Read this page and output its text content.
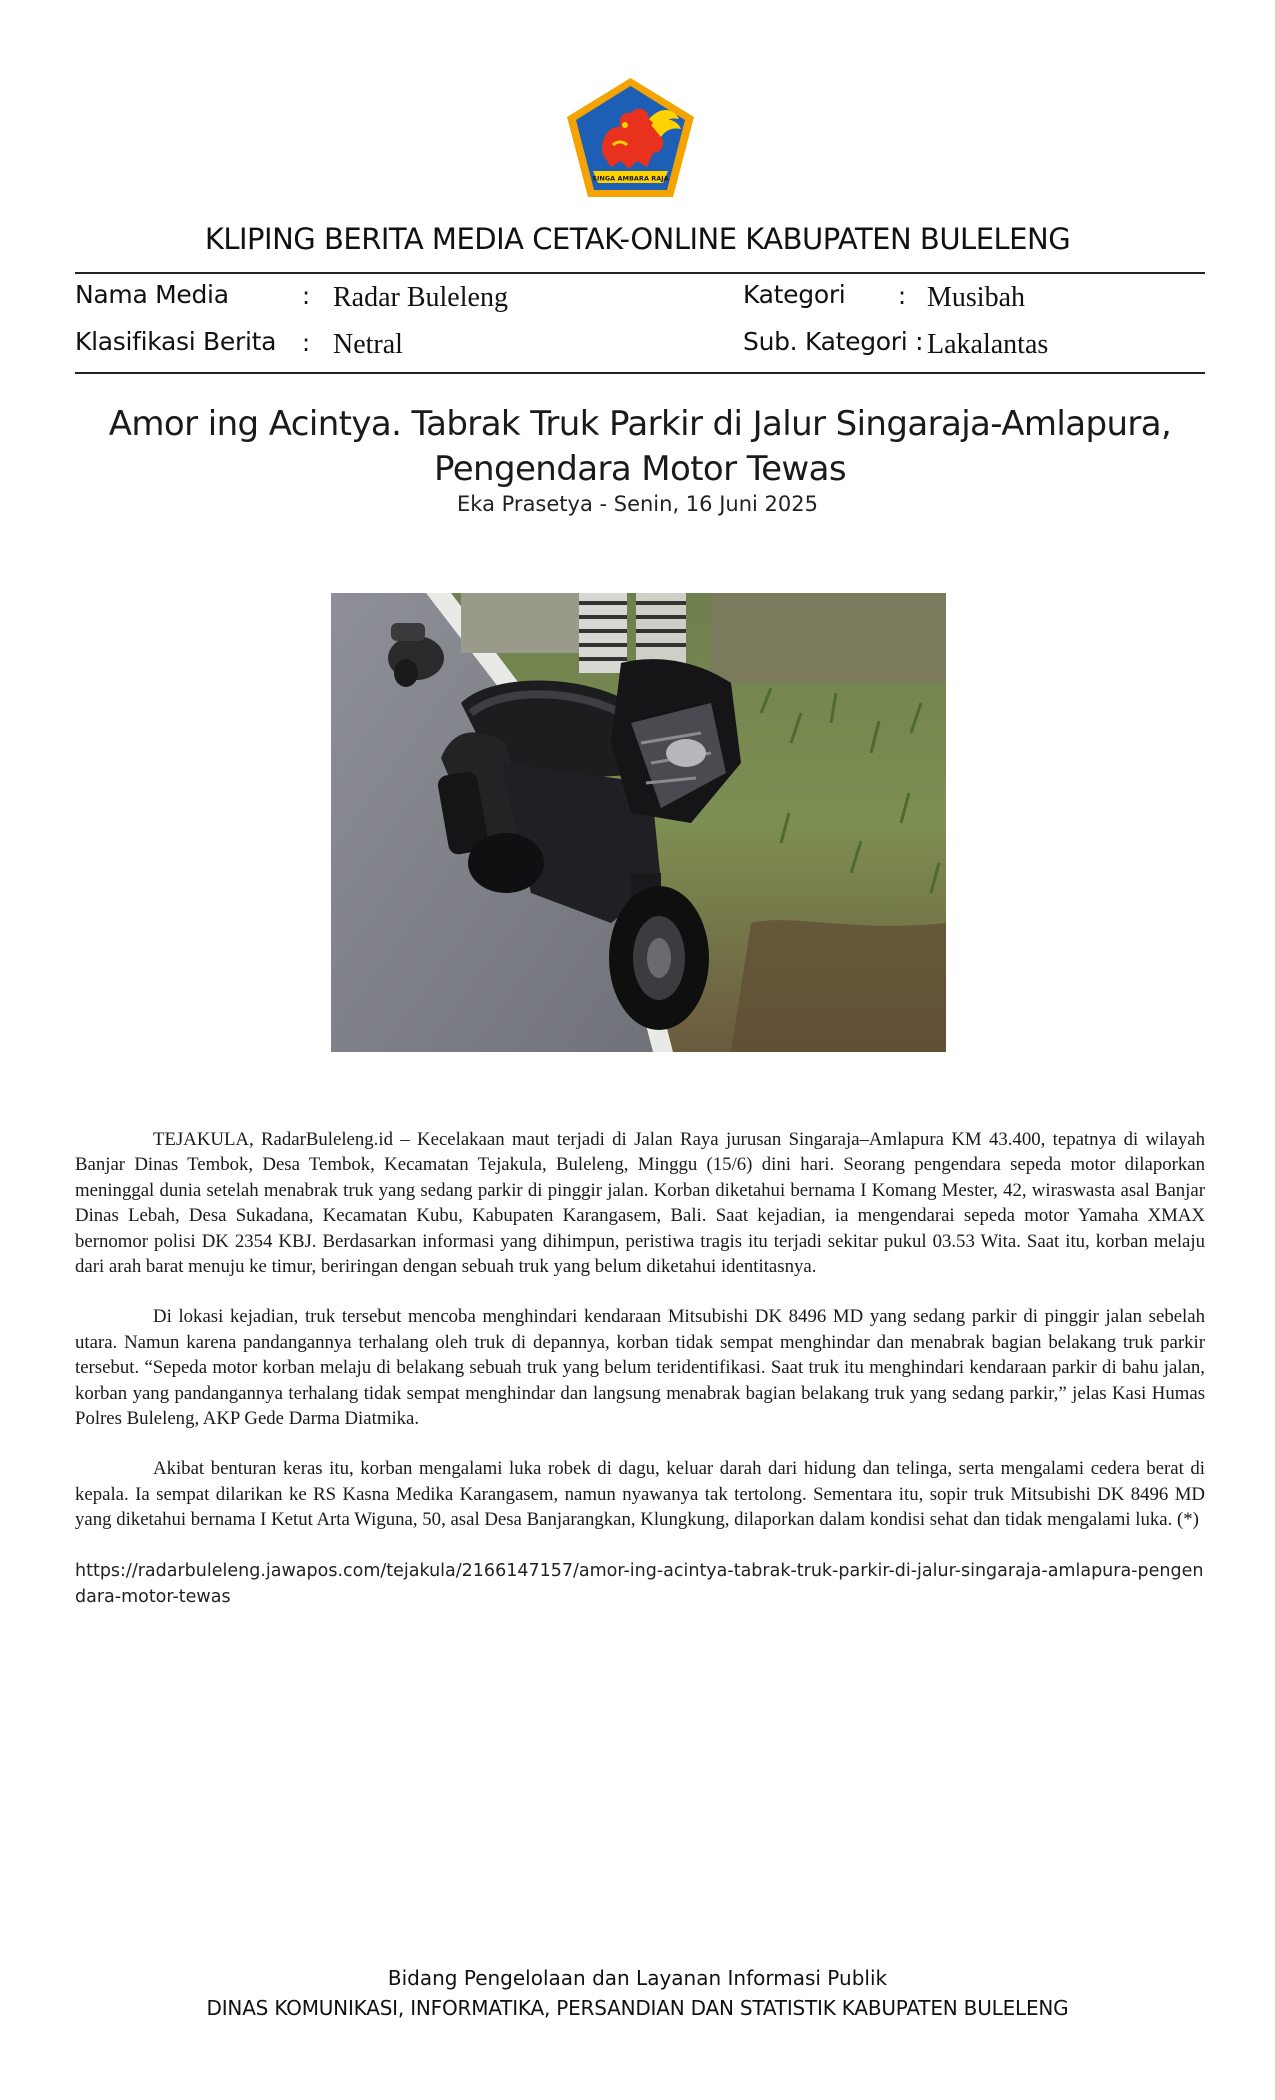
SINGA AMBARA RAJA
KLIPING BERITA MEDIA CETAK-ONLINE KABUPATEN BULELENG
Nama Media	: Radar Buleleng
Klasifikasi Berita : Netral
Kategori : Musibah
Sub. Kategori : Lakalantas
Amor ing Acintya. Tabrak Truk Parkir di Jalur Singaraja-Amlapura,
Pengendara Motor Tewas
Eka Prasetya - Senin, 16 Juni 2025

TEJAKULA, RadarBuleleng.id – Kecelakaan maut terjadi di Jalan Raya jurusan Singaraja–Amlapura KM 43.400, tepatnya di wilayah Banjar Dinas Tembok, Desa Tembok, Kecamatan Tejakula, Buleleng, Minggu (15/6) dini hari. Seorang pengendara sepeda motor dilaporkan meninggal dunia setelah menabrak truk yang sedang parkir di pinggir jalan. Korban diketahui bernama I Komang Mester, 42, wiraswasta asal Banjar Dinas Lebah, Desa Sukadana, Kecamatan Kubu, Kabupaten Karangasem, Bali. Saat kejadian, ia mengendarai sepeda motor Yamaha XMAX bernomor polisi DK 2354 KBJ. Berdasarkan informasi yang dihimpun, peristiwa tragis itu terjadi sekitar pukul 03.53 Wita. Saat itu, korban melaju dari arah barat menuju ke timur, beriringan dengan sebuah truk yang belum diketahui identitasnya.

Di lokasi kejadian, truk tersebut mencoba menghindari kendaraan Mitsubishi DK 8496 MD yang sedang parkir di pinggir jalan sebelah utara. Namun karena pandangannya terhalang oleh truk di depannya, korban tidak sempat menghindar dan menabrak bagian belakang truk parkir tersebut. “Sepeda motor korban melaju di belakang sebuah truk yang belum teridentifikasi. Saat truk itu menghindari kendaraan parkir di bahu jalan, korban yang pandangannya terhalang tidak sempat menghindar dan langsung menabrak bagian belakang truk yang sedang parkir,” jelas Kasi Humas Polres Buleleng, AKP Gede Darma Diatmika.

Akibat benturan keras itu, korban mengalami luka robek di dagu, keluar darah dari hidung dan telinga, serta mengalami cedera berat di kepala. Ia sempat dilarikan ke RS Kasna Medika Karangasem, namun nyawanya tak tertolong. Sementara itu, sopir truk Mitsubishi DK 8496 MD yang diketahui bernama I Ketut Arta Wiguna, 50, asal Desa Banjarangkan, Klungkung, dilaporkan dalam kondisi sehat dan tidak mengalami luka. (*)

https://radarbuleleng.jawapos.com/tejakula/2166147157/amor-ing-acintya-tabrak-truk-parkir-di-jalur-singaraja-amlapura-pengendara-motor-tewas

Bidang Pengelolaan dan Layanan Informasi Publik
DINAS KOMUNIKASI, INFORMATIKA, PERSANDIAN DAN STATISTIK KABUPATEN BULELENG
